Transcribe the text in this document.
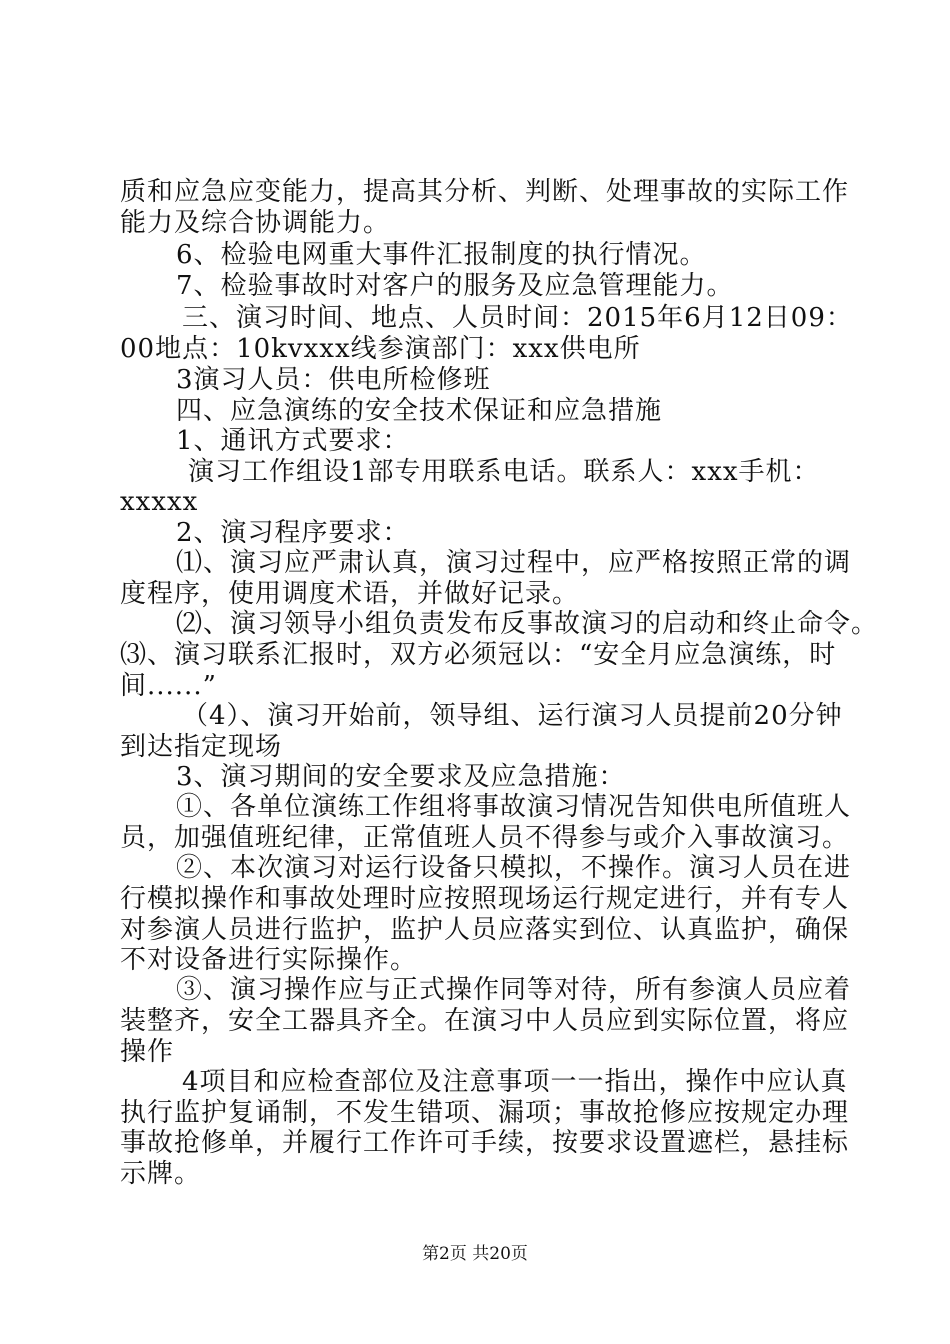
质和应急应变能力，提高其分析、判断、处理事故的实际工作
能力及综合协调能力。
6、检验电网重大事件汇报制度的执行情况。
7、检验事故时对客户的服务及应急管理能力。
三、演习时间、地点、人员时间：2015年6月12日09：
00地点：10kvxxx线参演部门：xxx供电所
3演习人员：供电所检修班
四、应急演练的安全技术保证和应急措施
1、通讯方式要求：
演习工作组设1部专用联系电话。联系人：xxx手机：
xxxxx
2、演习程序要求：
⑴、演习应严肃认真，演习过程中，应严格按照正常的调
度程序，使用调度术语，并做好记录。
⑵、演习领导小组负责发布反事故演习的启动和终止命令。
⑶、演习联系汇报时，双方必须冠以：“安全月应急演练，时
间......”
（4）、演习开始前，领导组、运行演习人员提前20分钟
到达指定现场
3、演习期间的安全要求及应急措施：
①、各单位演练工作组将事故演习情况告知供电所值班人
员，加强值班纪律，正常值班人员不得参与或介入事故演习。
②、本次演习对运行设备只模拟，不操作。演习人员在进
行模拟操作和事故处理时应按照现场运行规定进行，并有专人
对参演人员进行监护，监护人员应落实到位、认真监护，确保
不对设备进行实际操作。
③、演习操作应与正式操作同等对待，所有参演人员应着
装整齐，安全工器具齐全。在演习中人员应到实际位置，将应
操作
4项目和应检查部位及注意事项一一指出，操作中应认真
执行监护复诵制，不发生错项、漏项；事故抢修应按规定办理
事故抢修单，并履行工作许可手续，按要求设置遮栏，悬挂标
示牌。
第2页 共20页
